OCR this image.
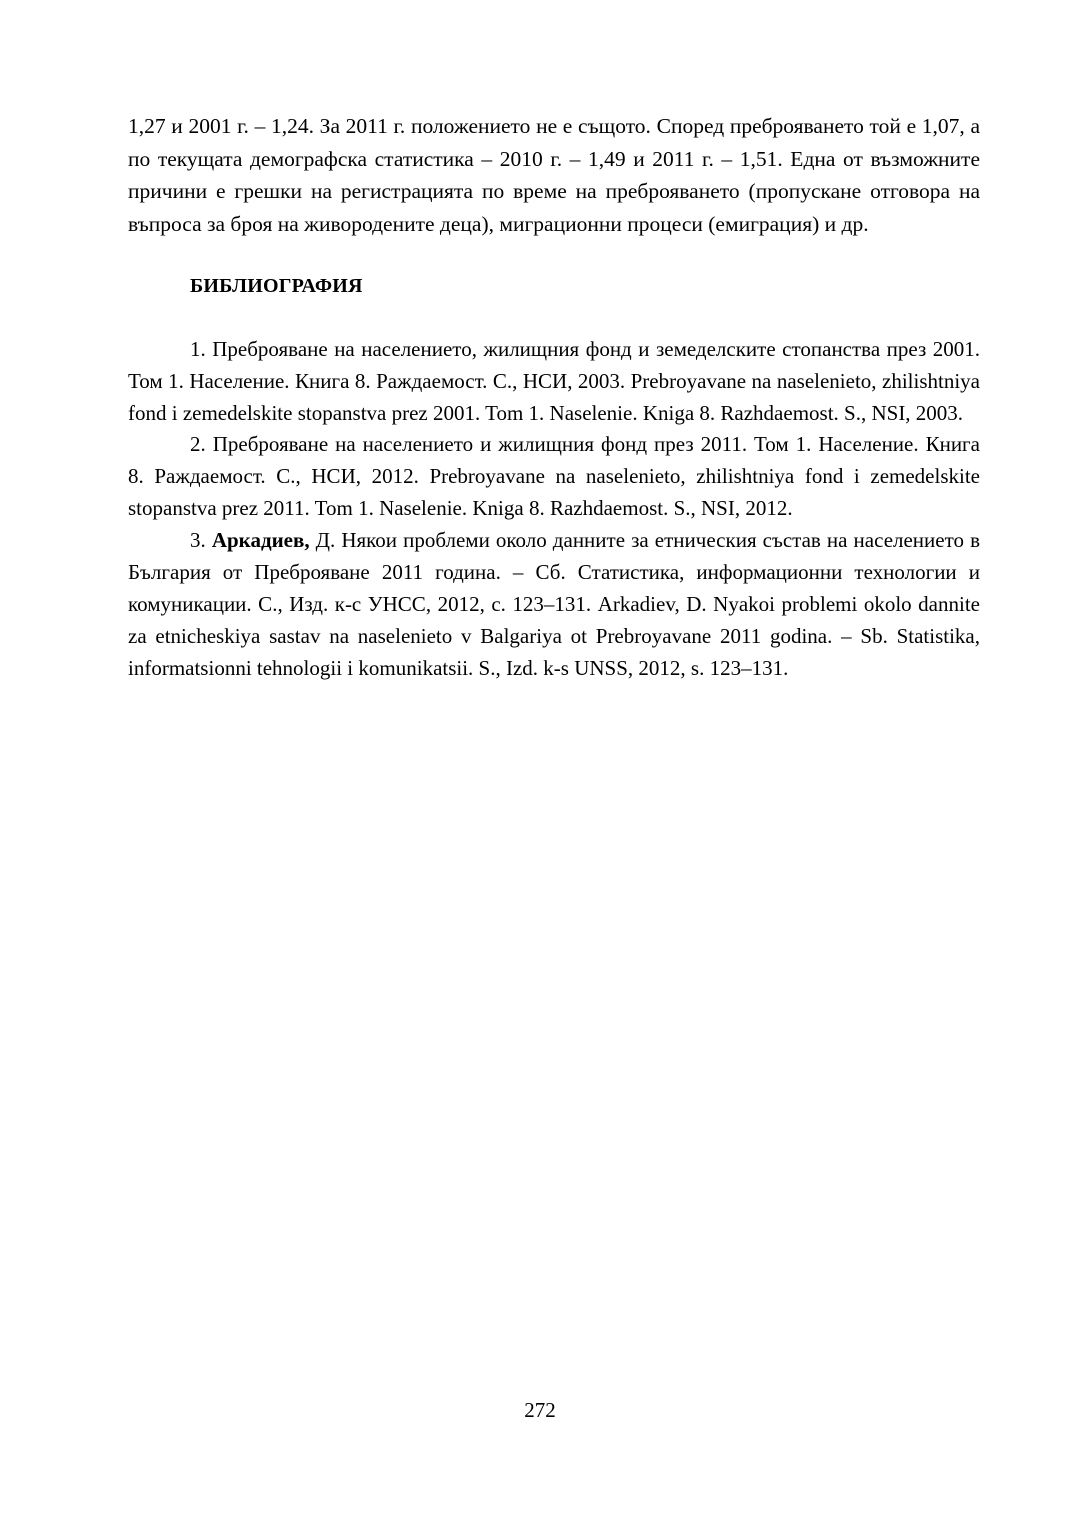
1,27 и 2001 г. – 1,24. За 2011 г. положението не е същото. Според преброяването той е 1,07, а по текущата демографска статистика – 2010 г. – 1,49 и 2011 г. – 1,51. Една от възможните причини е грешки на регистрацията по време на преброяването (пропускане отговора на въпроса за броя на живородените деца), миграционни процеси (емиграция) и др.

БИБЛИОГРАФИЯ

1. Преброяване на населението, жилищния фонд и земеделските стопанства през 2001. Том 1. Население. Книга 8. Раждаемост. С., НСИ, 2003. Prebroyavane na naselenieto, zhilishtniya fond i zemedelskite stopanstva prez 2001. Tom 1. Naselenie. Kniga 8. Razhdaemost. S., NSI, 2003.

2. Преброяване на населението и жилищния фонд през 2011. Том 1. Население. Книга 8. Раждаемост. С., НСИ, 2012. Prebroyavane na naselenieto, zhilishtniya fond i zemedelskite stopanstva prez 2011. Tom 1. Naselenie. Kniga 8. Razhdaemost. S., NSI, 2012.

3. Аркадиев, Д. Някои проблеми около данните за етническия състав на населението в България от Преброяване 2011 година. – Сб. Статистика, информационни технологии и комуникации. С., Изд. к-с УНСС, 2012, с. 123–131. Arkadiev, D. Nyakoi problemi okolo dannite za etnicheskiya sastav na naselenieto v Balgariya ot Prebroyavane 2011 godina. – Sb. Statistika, informatsionni tehnologii i komunikatsii. S., Izd. k-s UNSS, 2012, s. 123–131.

272
